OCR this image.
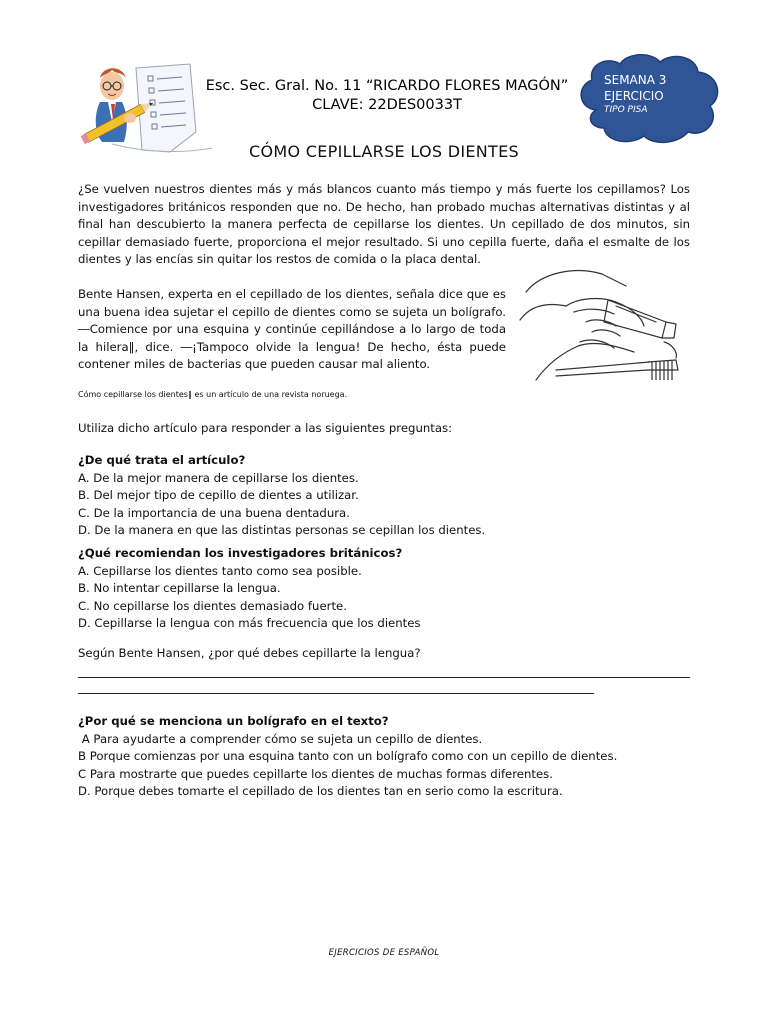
Esc. Sec. Gral. No. 11 “RICARDO FLORES MAGÓN”
CLAVE: 22DES0033T
SEMANA 3
EJERCICIO
TIPO PISA
CÓMO CEPILLARSE LOS DIENTES
¿Se vuelven nuestros dientes más y más blancos cuanto más tiempo y más fuerte los cepillamos? Los investigadores británicos responden que no. De hecho, han probado muchas alternativas distintas y al final han descubierto la manera perfecta de cepillarse los dientes. Un cepillado de dos minutos, sin cepillar demasiado fuerte, proporciona el mejor resultado. Si uno cepilla fuerte, daña el esmalte de los dientes y las encías sin quitar los restos de comida o la placa dental.
Bente Hansen, experta en el cepillado de los dientes, señala dice que es una buena idea sujetar el cepillo de dientes como se sujeta un bolígrafo. ―Comience por una esquina y continúe cepillándose a lo largo de toda la hilera‖, dice. ―¡Tampoco olvide la lengua! De hecho, ésta puede contener miles de bacterias que pueden causar mal aliento.
Cómo cepillarse los dientes‖ es un artículo de una revista noruega.
Utiliza dicho artículo para responder a las siguientes preguntas:
¿De qué trata el artículo?
A. De la mejor manera de cepillarse los dientes.
B. Del mejor tipo de cepillo de dientes a utilizar.
C. De la importancia de una buena dentadura.
D. De la manera en que las distintas personas se cepillan los dientes.
¿Qué recomiendan los investigadores británicos?
A. Cepillarse los dientes tanto como sea posible.
B. No intentar cepillarse la lengua.
C. No cepillarse los dientes demasiado fuerte.
D. Cepillarse la lengua con más frecuencia que los dientes
Según Bente Hansen, ¿por qué debes cepillarte la lengua?
¿Por qué se menciona un bolígrafo en el texto?
A Para ayudarte a comprender cómo se sujeta un cepillo de dientes.
B Porque comienzas por una esquina tanto con un bolígrafo como con un cepillo de dientes.
C Para mostrarte que puedes cepillarte los dientes de muchas formas diferentes.
D. Porque debes tomarte el cepillado de los dientes tan en serio como la escritura.
EJERCICIOS DE ESPAÑOL
